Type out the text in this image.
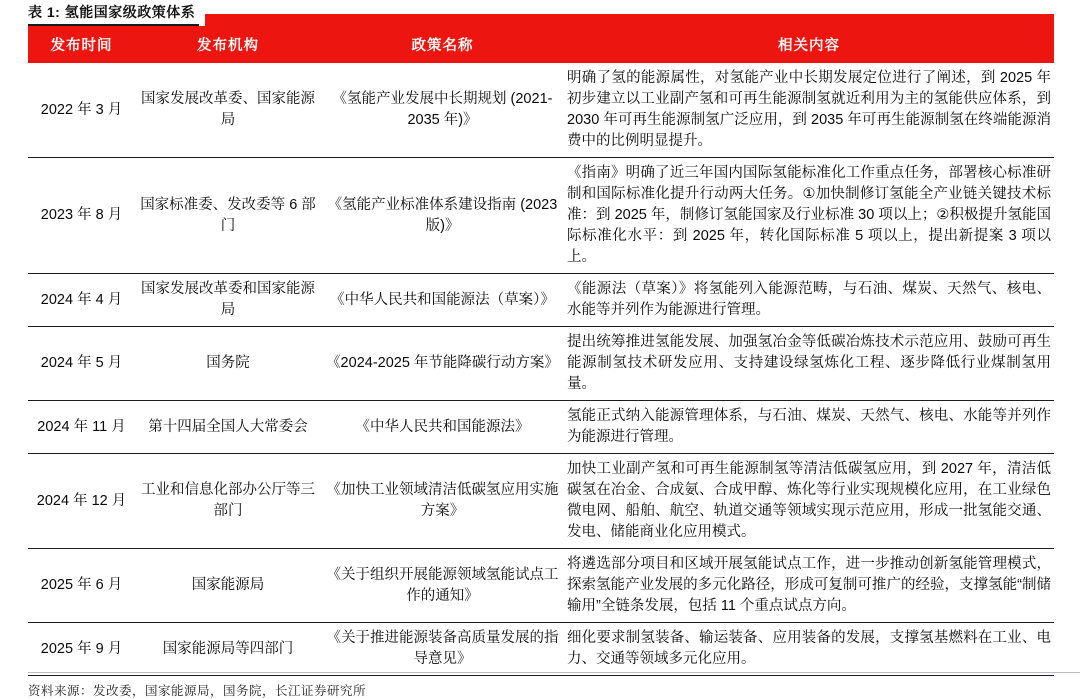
表 1: 氢能国家级政策体系
发布时间	发布机构	政策名称	相关内容
2022 年 3 月	国家发展改革委、国家能源局	《氢能产业发展中长期规划 (2021-2035 年)》	明确了氢的能源属性，对氢能产业中长期发展定位进行了阐述，到 2025 年初步建立以工业副产氢和可再生能源制氢就近利用为主的氢能供应体系，到 2030 年可再生能源制氢广泛应用，到 2035 年可再生能源制氢在终端能源消费中的比例明显提升。
2023 年 8 月	国家标准委、发改委等 6 部门	《氢能产业标准体系建设指南 (2023 版)》	《指南》明确了近三年国内国际氢能标准化工作重点任务，部署核心标准研制和国际标准化提升行动两大任务。①加快制修订氢能全产业链关键技术标准：到 2025 年，制修订氢能国家及行业标准 30 项以上；②积极提升氢能国际标准化水平：到 2025 年，转化国际标准 5 项以上，提出新提案 3 项以上。
2024 年 4 月	国家发展改革委和国家能源局	《中华人民共和国能源法（草案）》	《能源法（草案）》将氢能列入能源范畴，与石油、煤炭、天然气、核电、水能等并列作为能源进行管理。
2024 年 5 月	国务院	《2024-2025 年节能降碳行动方案》	提出统筹推进氢能发展、加强氢冶金等低碳冶炼技术示范应用、鼓励可再生能源制氢技术研发应用、支持建设绿氢炼化工程、逐步降低行业煤制氢用量。
2024 年 11 月	第十四届全国人大常委会	《中华人民共和国能源法》	氢能正式纳入能源管理体系，与石油、煤炭、天然气、核电、水能等并列作为能源进行管理。
2024 年 12 月	工业和信息化部办公厅等三部门	《加快工业领域清洁低碳氢应用实施方案》	加快工业副产氢和可再生能源制氢等清洁低碳氢应用，到 2027 年，清洁低碳氢在冶金、合成氨、合成甲醇、炼化等行业实现规模化应用，在工业绿色微电网、船舶、航空、轨道交通等领域实现示范应用，形成一批氢能交通、发电、储能商业化应用模式。
2025 年 6 月	国家能源局	《关于组织开展能源领域氢能试点工作的通知》	将遴选部分项目和区域开展氢能试点工作，进一步推动创新氢能管理模式，探索氢能产业发展的多元化路径，形成可复制可推广的经验，支撑氢能“制储输用”全链条发展，包括 11 个重点试点方向。
2025 年 9 月	国家能源局等四部门	《关于推进能源装备高质量发展的指导意见》	细化要求制氢装备、输运装备、应用装备的发展，支撑氢基燃料在工业、电力、交通等领域多元化应用。
资料来源：发改委，国家能源局，国务院，长江证券研究所
